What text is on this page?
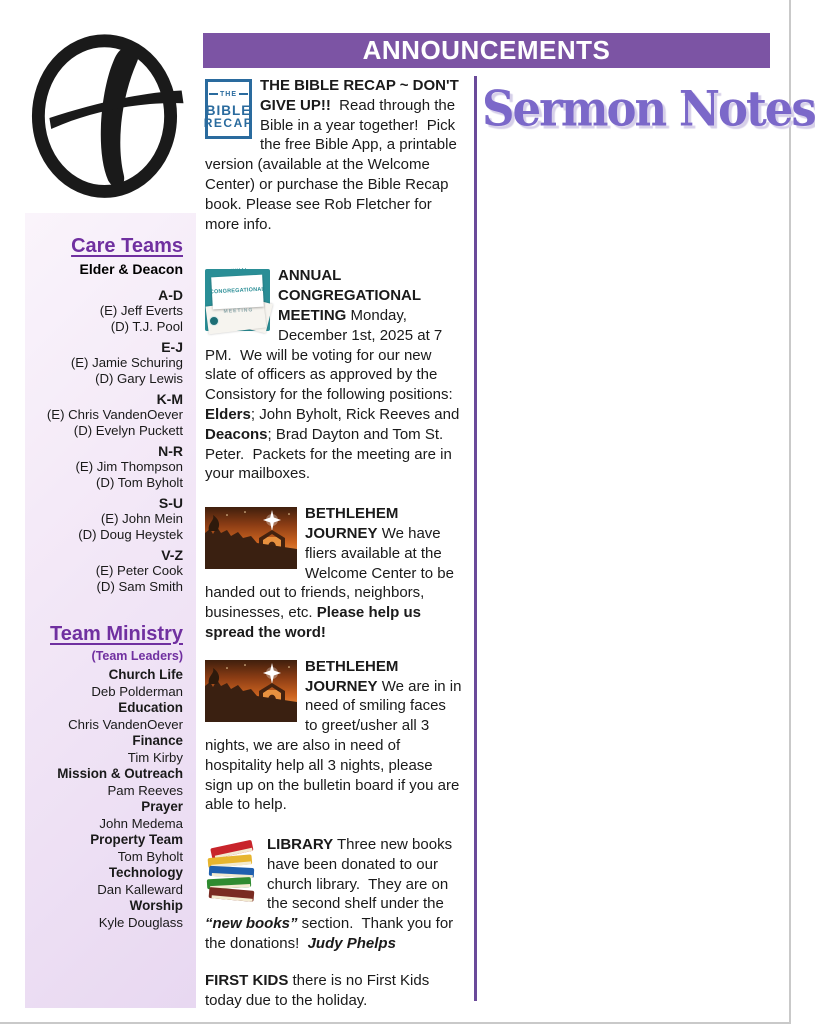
ANNOUNCEMENTS
Sermon Notes
Care Teams
Elder & Deacon
A-D
(E) Jeff Everts
(D) T.J. Pool
E-J
(E) Jamie Schuring
(D) Gary Lewis
K-M
(E) Chris VandenOever
(D) Evelyn Puckett
N-R
(E) Jim Thompson
(D) Tom Byholt
S-U
(E) John Mein
(D) Doug Heystek
V-Z
(E) Peter Cook
(D) Sam Smith
Team Ministry
(Team Leaders)
Church Life
Deb Polderman
Education
Chris VandenOever
Finance
Tim Kirby
Mission & Outreach
Pam Reeves
Prayer
John Medema
Property Team
Tom Byholt
Technology
Dan Kalleward
Worship
Kyle Douglass
THE
BIBLE
RECAP
THE BIBLE RECAP ~ DON'T GIVE UP!!  Read through the Bible in a year together!  Pick the free Bible App, a printable version (available at the Welcome Center) or purchase the Bible Recap book. Please see Rob Fletcher for more info.
ANNUAL
CONGREGATIONAL
MEETING
ANNUAL CONGREGATIONAL MEETING Monday, December 1st, 2025 at 7 PM.  We will be voting for our new slate of officers as approved by the Consistory for the following positions: Elders; John Byholt, Rick Reeves and Deacons; Brad Dayton and Tom St. Peter.  Packets for the meeting are in your mailboxes.
BETHLEHEM JOURNEY We have fliers available at the Welcome Center to be handed out to friends, neighbors, businesses, etc. Please help us spread the word!
BETHLEHEM JOURNEY We are in in need of smiling faces to greet/usher all 3 nights, we are also in need of hospitality help all 3 nights, please sign up on the bulletin board if you are able to help.
LIBRARY Three new books have been donated to our church library.  They are on the second shelf under the “new books” section.  Thank you for the donations!  Judy Phelps
FIRST KIDS there is no First Kids today due to the holiday.
